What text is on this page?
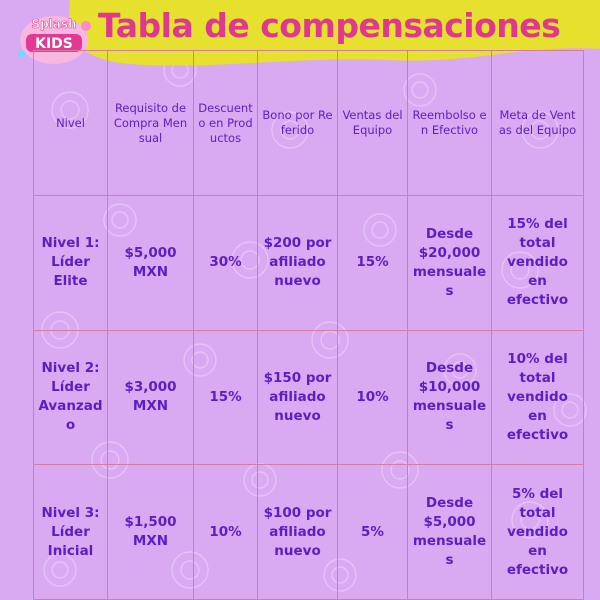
Splash
KIDS Tabla de compensaciones
Nivel	Requisito de Compra Mensual	Descuento en Productos	Bono por Referido	Ventas del Equipo	Reembolso en Efectivo	Meta de Ventas del Equipo
Nivel 1: Líder Elite	$5,000 MXN	30%	$200 por afiliado nuevo	15%	Desde $20,000 mensuales	15% del total vendido en efectivo
Nivel 2: Líder Avanzado	$3,000 MXN	15%	$150 por afiliado nuevo	10%	Desde $10,000 mensuales	10% del total vendido en efectivo
Nivel 3: Líder Inicial	$1,500 MXN	10%	$100 por afiliado nuevo	5%	Desde $5,000 mensuales	5% del total vendido en efectivo
